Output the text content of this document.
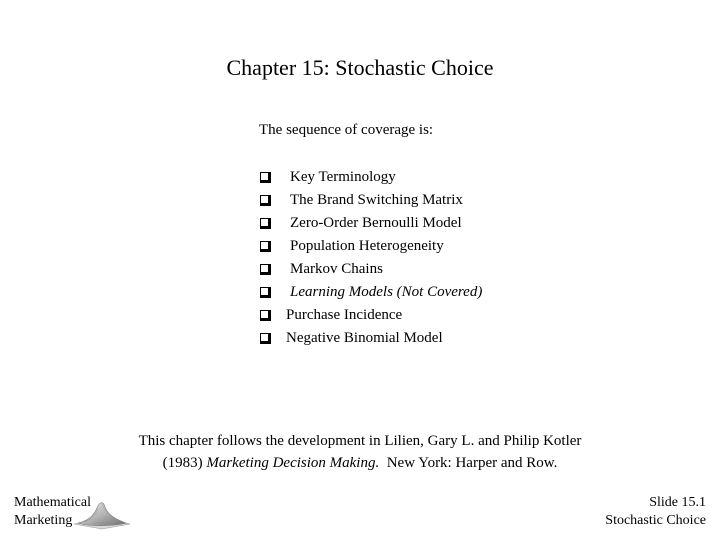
Chapter 15: Stochastic Choice
The sequence of coverage is:
Key Terminology
The Brand Switching Matrix
Zero-Order Bernoulli Model
Population Heterogeneity
Markov Chains
Learning Models (Not Covered)
Purchase Incidence
Negative Binomial Model
This chapter follows the development in Lilien, Gary L. and Philip Kotler
(1983) Marketing Decision Making. New York: Harper and Row.
Mathematical
Marketing
Slide 15.1
Stochastic Choice
